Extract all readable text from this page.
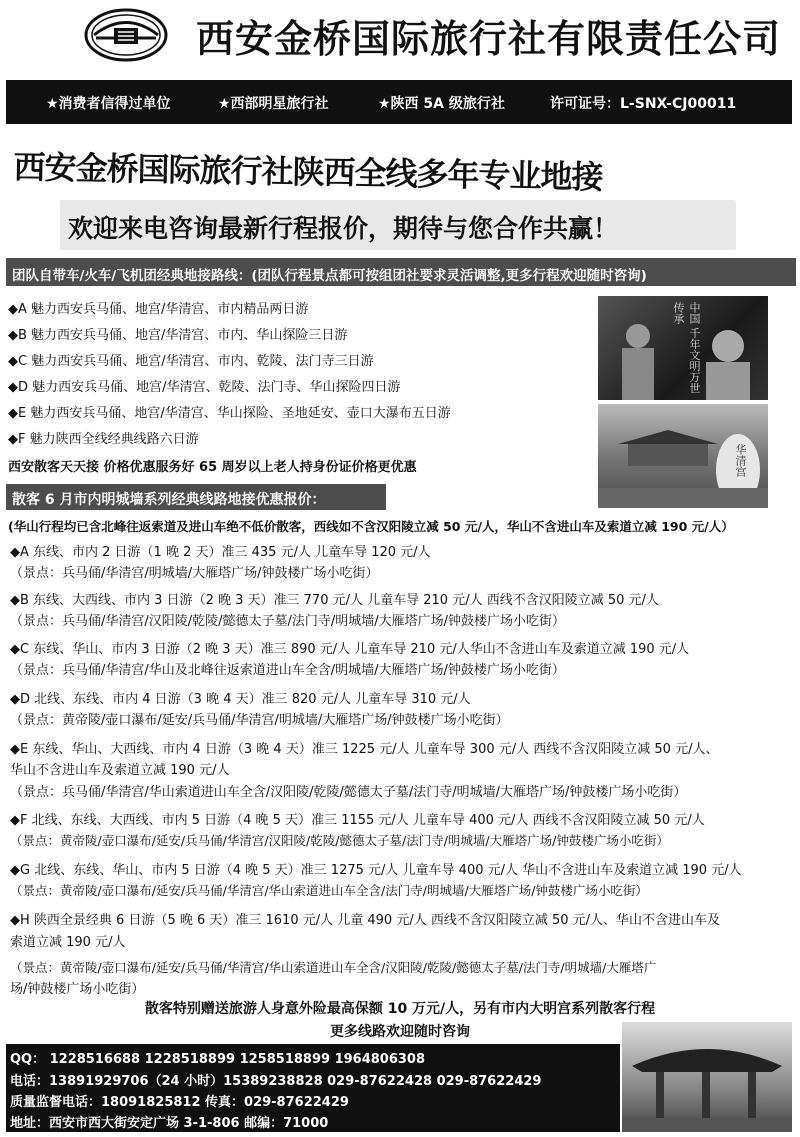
西安金桥国际旅行社有限责任公司
★消费者信得过单位	★西部明星旅行社	★陕西 5A 级旅行社	许可证号：L-SNX-CJ00011
西安金桥国际旅行社陕西全线多年专业地接
欢迎来电咨询最新行程报价，期待与您合作共赢！
团队自带车/火车/飞机团经典地接路线：(团队行程景点都可按组团社要求灵活调整,更多行程欢迎随时咨询)
◆A 魅力西安兵马俑、地宫/华清宫、市内精品两日游
◆B 魅力西安兵马俑、地宫/华清宫、市内、华山探险三日游
◆C 魅力西安兵马俑、地宫/华清宫、市内、乾陵、法门寺三日游
◆D 魅力西安兵马俑、地宫/华清宫、乾陵、法门寺、华山探险四日游
◆E 魅力西安兵马俑、地宫/华清宫、华山探险、圣地延安、壶口大瀑布五日游
◆F 魅力陕西全线经典线路六日游
中国 千年文明万世传承
华清宫
西安散客天天接 价格优惠服务好 65 周岁以上老人持身份证价格更优惠
散客 6 月市内明城墙系列经典线路地接优惠报价：
(华山行程均已含北峰往返索道及进山车绝不低价散客，西线如不含汉阳陵立减 50 元/人，华山不含进山车及索道立减 190 元/人）
◆A 东线、市内 2 日游（1 晚 2 天）准三 435 元/人 儿童车导 120 元/人
（景点：兵马俑/华清宫/明城墙/大雁塔广场/钟鼓楼广场小吃街）
◆B 东线、大西线、市内 3 日游（2 晚 3 天）准三 770 元/人 儿童车导 210 元/人 西线不含汉阳陵立减 50 元/人
（景点：兵马俑/华清宫/汉阳陵/乾陵/懿德太子墓/法门寺/明城墙/大雁塔广场/钟鼓楼广场小吃街）
◆C 东线、华山、市内 3 日游（2 晚 3 天）准三 890 元/人 儿童车导 210 元/人华山不含进山车及索道立减 190 元/人
（景点：兵马俑/华清宫/华山及北峰往返索道进山车全含/明城墙/大雁塔广场/钟鼓楼广场小吃街）
◆D 北线、东线、市内 4 日游（3 晚 4 天）准三 820 元/人 儿童车导 310 元/人
（景点：黄帝陵/壶口瀑布/延安/兵马俑/华清宫/明城墙/大雁塔广场/钟鼓楼广场小吃街）
◆E 东线、华山、大西线、市内 4 日游（3 晚 4 天）准三 1225 元/人 儿童车导 300 元/人 西线不含汉阳陵立减 50 元/人、
华山不含进山车及索道立减 190 元/人
（景点：兵马俑/华清宫/华山索道进山车全含/汉阳陵/乾陵/懿德太子墓/法门寺/明城墙/大雁塔广场/钟鼓楼广场小吃街）
◆F 北线、东线、大西线、市内 5 日游（4 晚 5 天）准三 1155 元/人 儿童车导 400 元/人 西线不含汉阳陵立减 50 元/人
（景点：黄帝陵/壶口瀑布/延安/兵马俑/华清宫/汉阳陵/乾陵/懿德太子墓/法门寺/明城墙/大雁塔广场/钟鼓楼广场小吃街）
◆G 北线、东线、华山、市内 5 日游（4 晚 5 天）准三 1275 元/人 儿童车导 400 元/人 华山不含进山车及索道立减 190 元/人
（景点：黄帝陵/壶口瀑布/延安/兵马俑/华清宫/华山索道进山车全含/法门寺/明城墙/大雁塔广场/钟鼓楼广场小吃街）
◆H 陕西全景经典 6 日游（5 晚 6 天）准三 1610 元/人 儿童 490 元/人 西线不含汉阳陵立减 50 元/人、华山不含进山车及
索道立减 190 元/人
（景点：黄帝陵/壶口瀑布/延安/兵马俑/华清宫/华山索道进山车全含/汉阳陵/乾陵/懿德太子墓/法门寺/明城墙/大雁塔广
场/钟鼓楼广场小吃街）
散客特别赠送旅游人身意外险最高保额 10 万元/人，另有市内大明宫系列散客行程
更多线路欢迎随时咨询
QQ： 1228516688 1228518899 1258518899 1964806308
电话：13891929706（24 小时）15389238828 029-87622428 029-87622429
质量监督电话：18091825812 传真：029-87622429
地址：西安市西大街安定广场 3-1-806 邮编：71000
